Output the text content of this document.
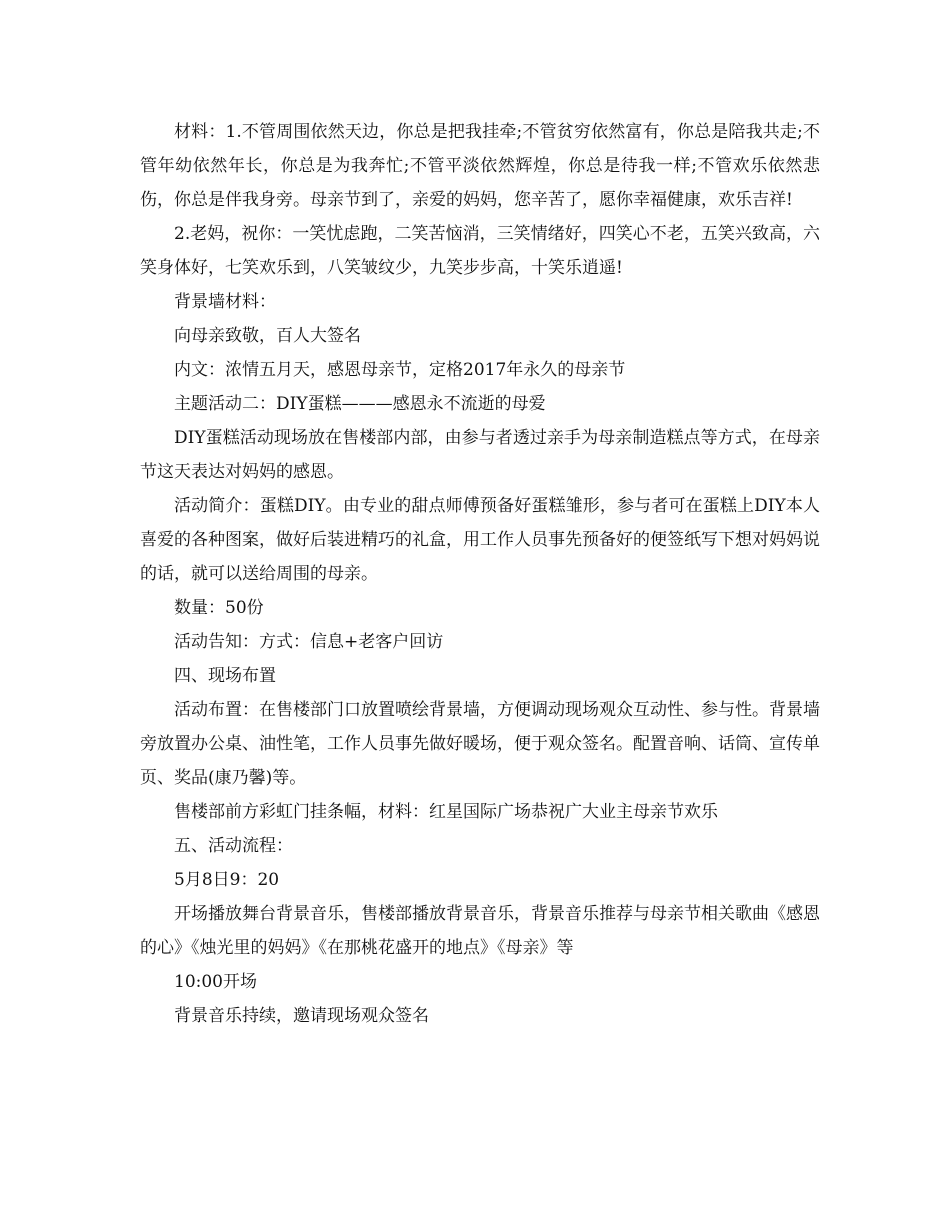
材料：1.不管周围依然天边，你总是把我挂牵;不管贫穷依然富有，你总是陪我共走;不管年幼依然年长，你总是为我奔忙;不管平淡依然辉煌，你总是待我一样;不管欢乐依然悲伤，你总是伴我身旁。母亲节到了，亲爱的妈妈，您辛苦了，愿你幸福健康，欢乐吉祥!

2.老妈，祝你：一笑忧虑跑，二笑苦恼消，三笑情绪好，四笑心不老，五笑兴致高，六笑身体好，七笑欢乐到，八笑皱纹少，九笑步步高，十笑乐逍遥!

背景墙材料：

向母亲致敬，百人大签名

内文：浓情五月天，感恩母亲节，定格2017年永久的母亲节

主题活动二：DIY蛋糕———感恩永不流逝的母爱

DIY蛋糕活动现场放在售楼部内部，由参与者透过亲手为母亲制造糕点等方式，在母亲节这天表达对妈妈的感恩。

活动简介：蛋糕DIY。由专业的甜点师傅预备好蛋糕雏形，参与者可在蛋糕上DIY本人喜爱的各种图案，做好后装进精巧的礼盒，用工作人员事先预备好的便签纸写下想对妈妈说的话，就可以送给周围的母亲。

数量：50份

活动告知：方式：信息+老客户回访

四、现场布置

活动布置：在售楼部门口放置喷绘背景墙，方便调动现场观众互动性、参与性。背景墙旁放置办公桌、油性笔，工作人员事先做好暖场，便于观众签名。配置音响、话筒、宣传单页、奖品(康乃馨)等。

售楼部前方彩虹门挂条幅，材料：红星国际广场恭祝广大业主母亲节欢乐

五、活动流程：

5月8日9：20

开场播放舞台背景音乐，售楼部播放背景音乐，背景音乐推荐与母亲节相关歌曲《感恩的心》《烛光里的妈妈》《在那桃花盛开的地点》《母亲》等

10:00开场

背景音乐持续，邀请现场观众签名
